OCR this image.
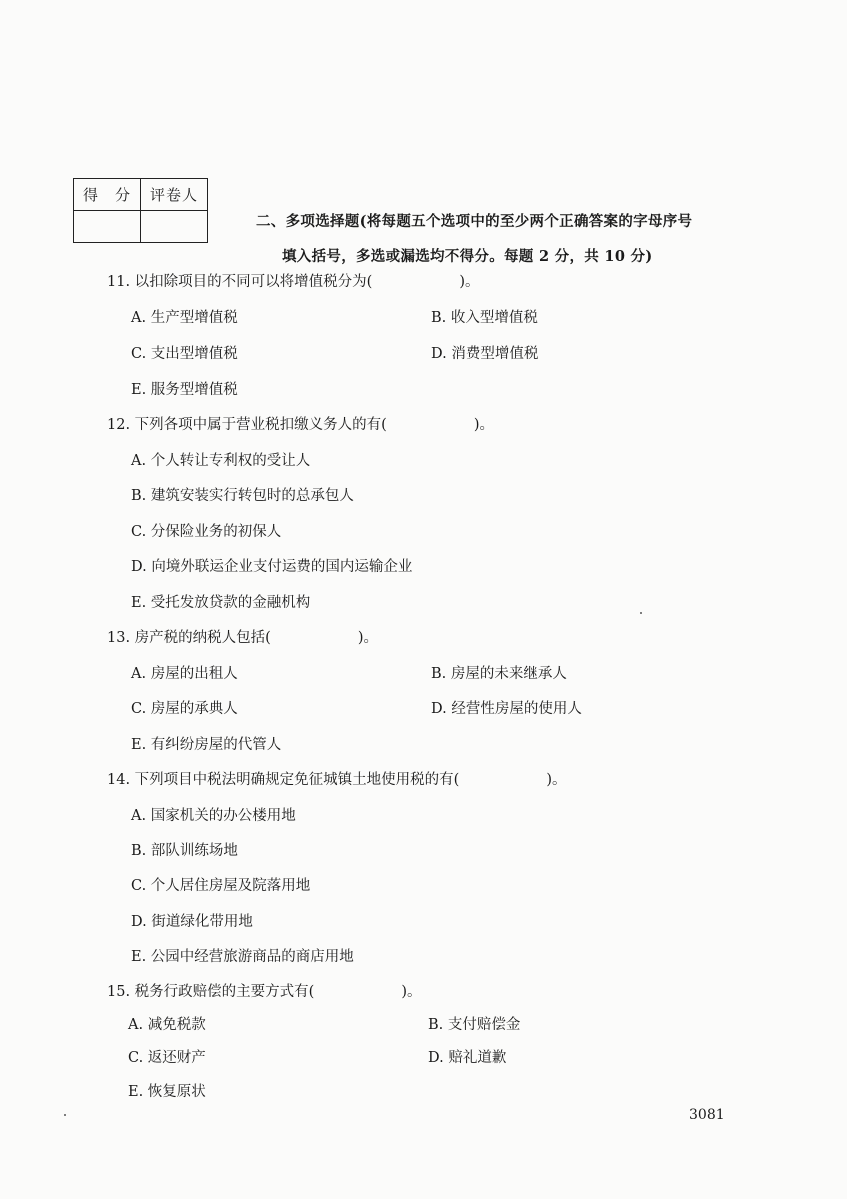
得　分	评卷人

二、多项选择题(将每题五个选项中的至少两个正确答案的字母序号
填入括号，多选或漏选均不得分。每题 2 分，共 10 分)
11. 以扣除项目的不同可以将增值税分为(　　　　　　)。
A. 生产型增值税	B. 收入型增值税
C. 支出型增值税	D. 消费型增值税
E. 服务型增值税
12. 下列各项中属于营业税扣缴义务人的有(　　　　　　)。
A. 个人转让专利权的受让人
B. 建筑安装实行转包时的总承包人
C. 分保险业务的初保人
D. 向境外联运企业支付运费的国内运输企业
E. 受托发放贷款的金融机构
13. 房产税的纳税人包括(　　　　　　)。
A. 房屋的出租人	B. 房屋的未来继承人
C. 房屋的承典人	D. 经营性房屋的使用人
E. 有纠纷房屋的代管人
14. 下列项目中税法明确规定免征城镇土地使用税的有(　　　　　　)。
A. 国家机关的办公楼用地
B. 部队训练场地
C. 个人居住房屋及院落用地
D. 街道绿化带用地
E. 公园中经营旅游商品的商店用地
15. 税务行政赔偿的主要方式有(　　　　　　)。
A. 减免税款	B. 支付赔偿金
C. 返还财产	D. 赔礼道歉
E. 恢复原状
3081
